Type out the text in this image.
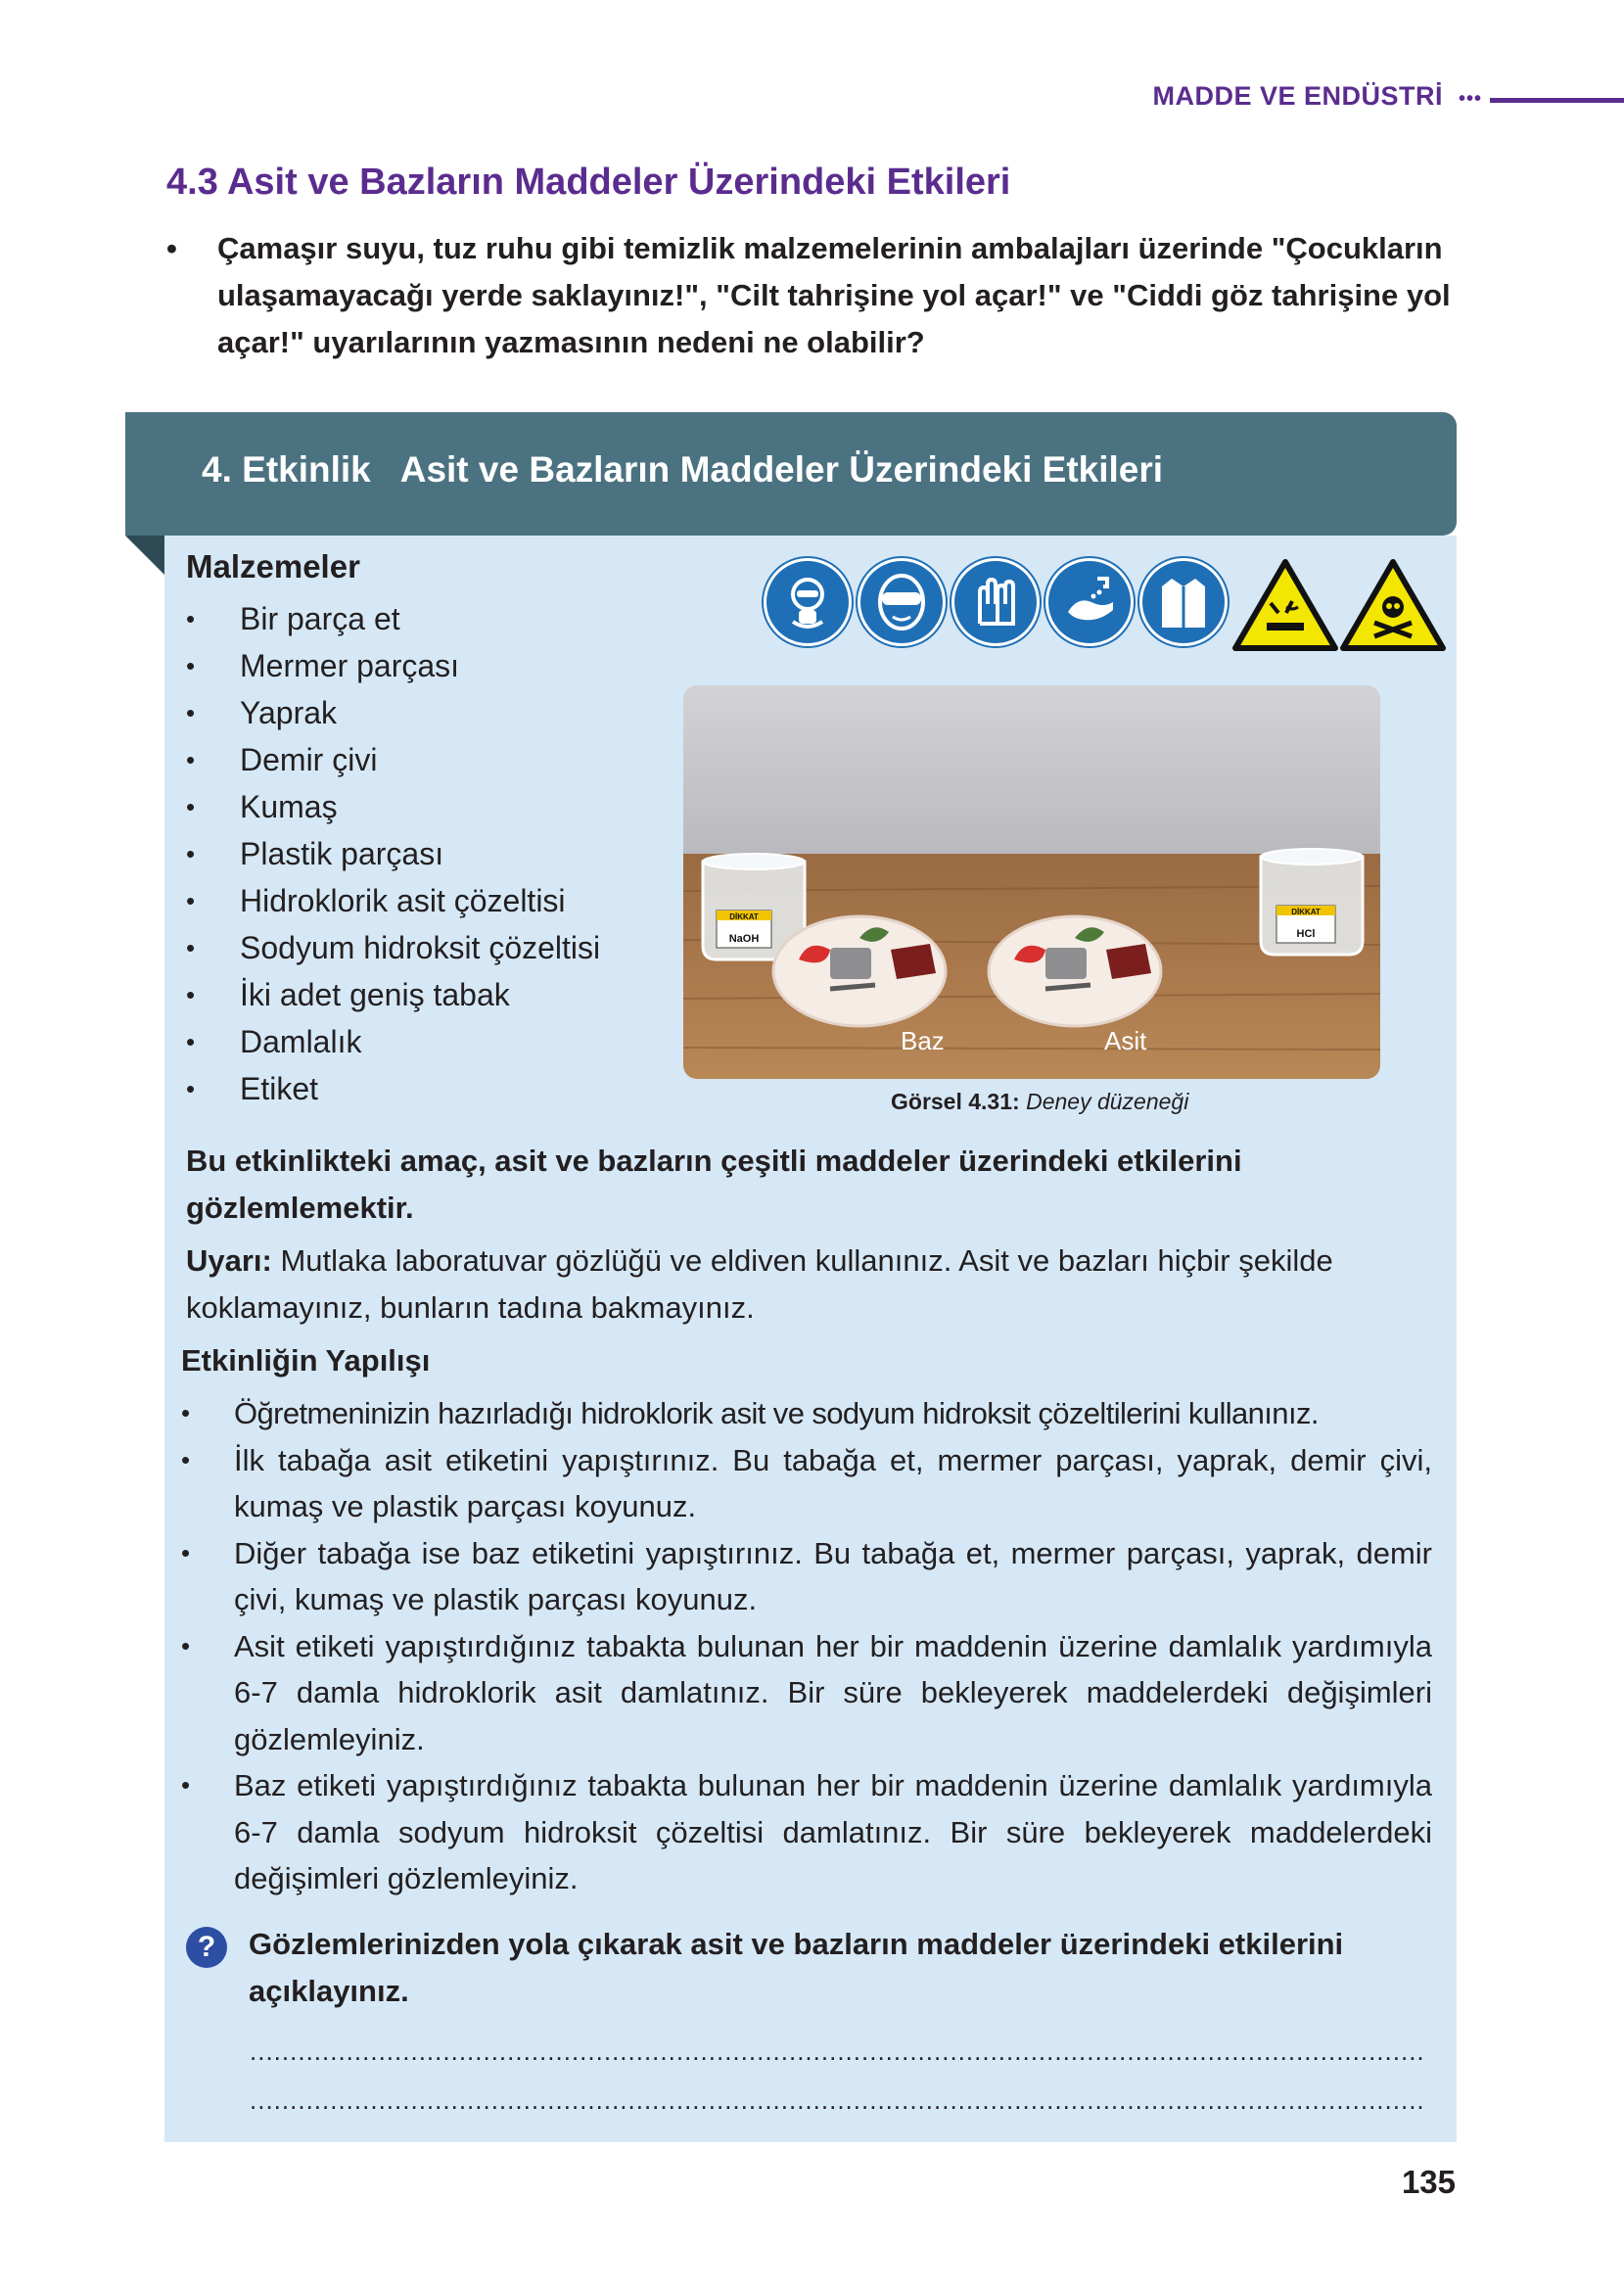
MADDE VE ENDÜSTRİ •••
4.3 Asit ve Bazların Maddeler Üzerindeki Etkileri
• Çamaşır suyu, tuz ruhu gibi temizlik malzemelerinin ambalajları üzerinde "Çocukların ulaşamayacağı yerde saklayınız!", "Cilt tahrişine yol açar!" ve "Ciddi göz tahrişine yol açar!" uyarılarının yazmasının nedeni ne olabilir?

4. Etkinlik Asit ve Bazların Maddeler Üzerindeki Etkileri
Malzemeler
• Bir parça et
• Mermer parçası
• Yaprak
• Demir çivi
• Kumaş
• Plastik parçası
• Hidroklorik asit çözeltisi
• Sodyum hidroksit çözeltisi
• İki adet geniş tabak
• Damlalık
• Etiket
NaOH
DİKKAT
HCl
DİKKAT
Baz	Asit
Görsel 4.31: Deney düzeneği

Bu etkinlikteki amaç, asit ve bazların çeşitli maddeler üzerindeki etkilerini gözlemlemektir.

Uyarı: Mutlaka laboratuvar gözlüğü ve eldiven kullanınız. Asit ve bazları hiçbir şekilde koklamayınız, bunların tadına bakmayınız.

Etkinliğin Yapılışı

• Öğretmeninizin hazırladığı hidroklorik asit ve sodyum hidroksit çözeltilerini kullanınız.
• İlk tabağa asit etiketini yapıştırınız. Bu tabağa et, mermer parçası, yaprak, demir çivi, kumaş ve plastik parçası koyunuz.
• Diğer tabağa ise baz etiketini yapıştırınız. Bu tabağa et, mermer parçası, yaprak, demir çivi, kumaş ve plastik parçası koyunuz.
• Asit etiketi yapıştırdığınız tabakta bulunan her bir maddenin üzerine damlalık yardımıyla 6-7 damla hidroklorik asit damlatınız. Bir süre bekleyerek maddelerdeki değişimleri gözlemleyiniz.
• Baz etiketi yapıştırdığınız tabakta bulunan her bir maddenin üzerine damlalık yardımıyla 6-7 damla sodyum hidroksit çözeltisi damlatınız. Bir süre bekleyerek maddelerdeki değişimleri gözlemleyiniz.
?	Gözlemlerinizden yola çıkarak asit ve bazların maddeler üzerindeki etkilerini açıklayınız.

..................................................................................................................................................
..................................................................................................................................................
135
